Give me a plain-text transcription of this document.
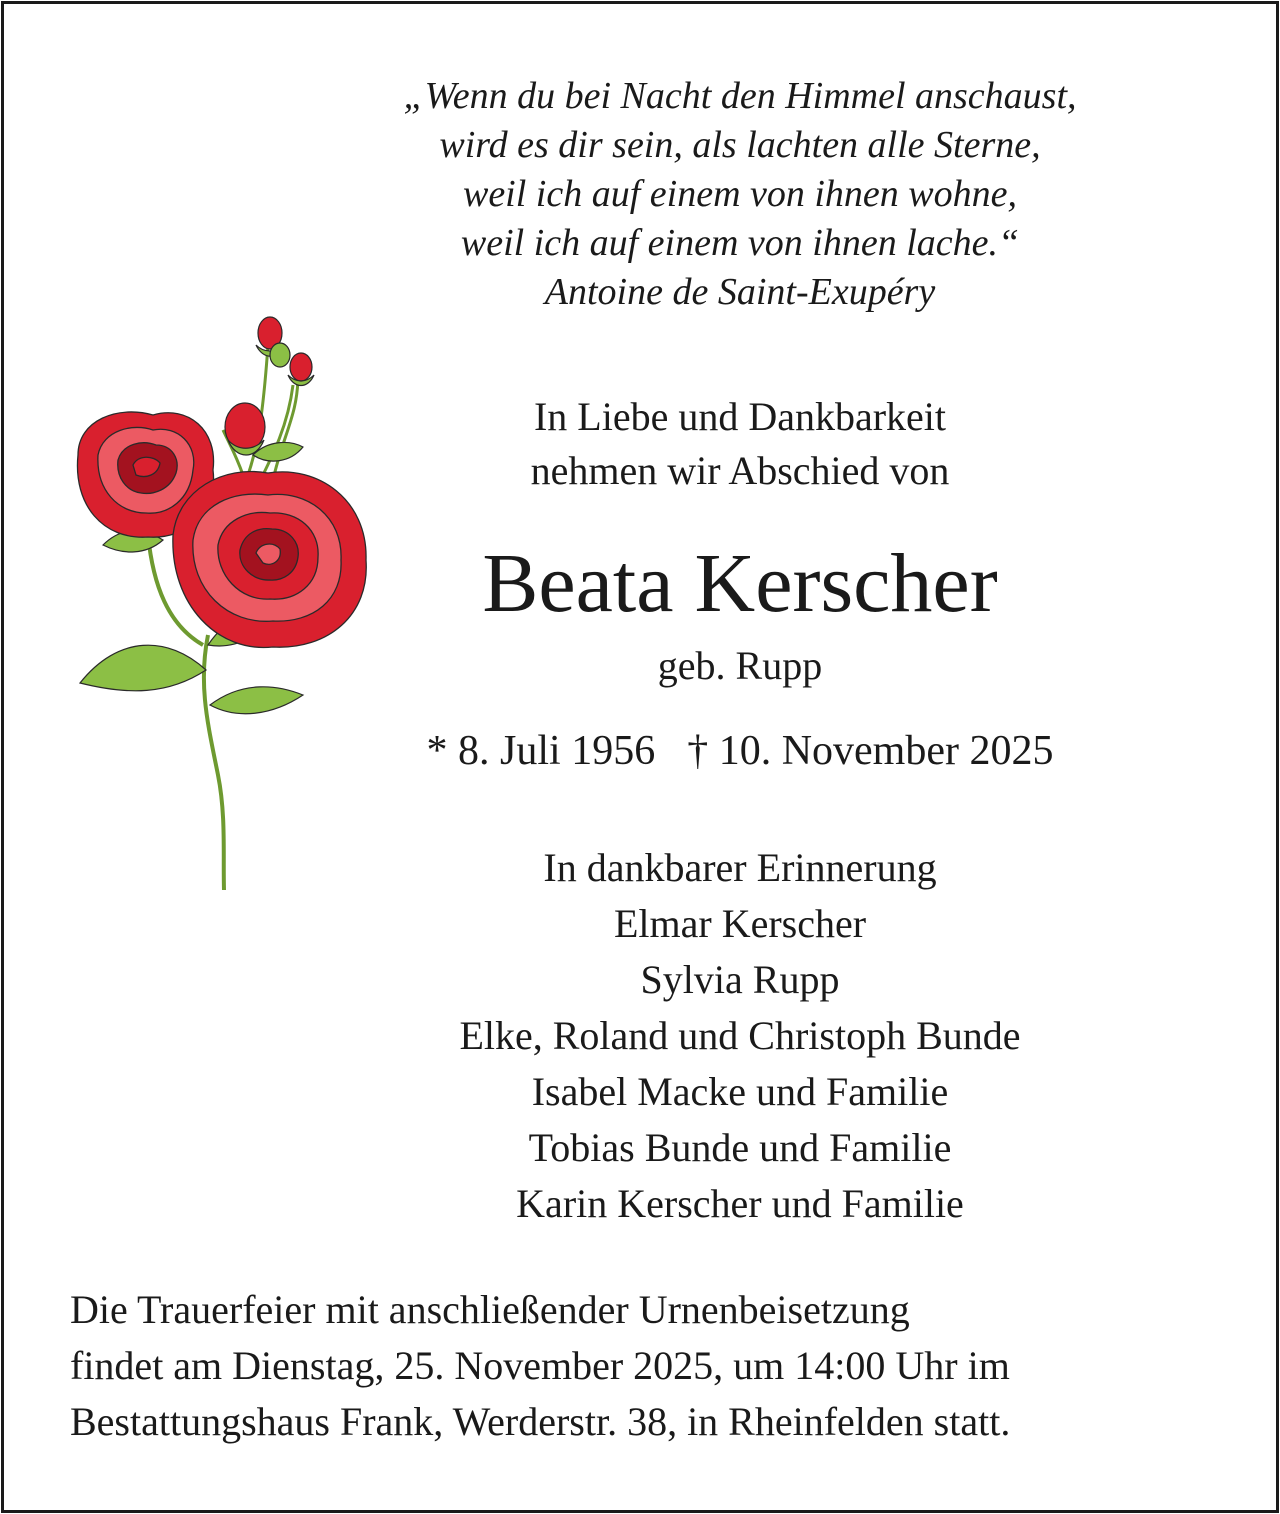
„Wenn du bei Nacht den Himmel anschaust,
wird es dir sein, als lachten alle Sterne,
weil ich auf einem von ihnen wohne,
weil ich auf einem von ihnen lache.“
Antoine de Saint-Exupéry
In Liebe und Dankbarkeit
nehmen wir Abschied von
Beata Kerscher
geb. Rupp
* 8. Juli 1956 † 10. November 2025
In dankbarer Erinnerung
Elmar Kerscher
Sylvia Rupp
Elke, Roland und Christoph Bunde
Isabel Macke und Familie
Tobias Bunde und Familie
Karin Kerscher und Familie
Die Trauerfeier mit anschließender Urnenbeisetzung
findet am Dienstag, 25. November 2025, um 14:00 Uhr im
Bestattungshaus Frank, Werderstr. 38, in Rheinfelden statt.
